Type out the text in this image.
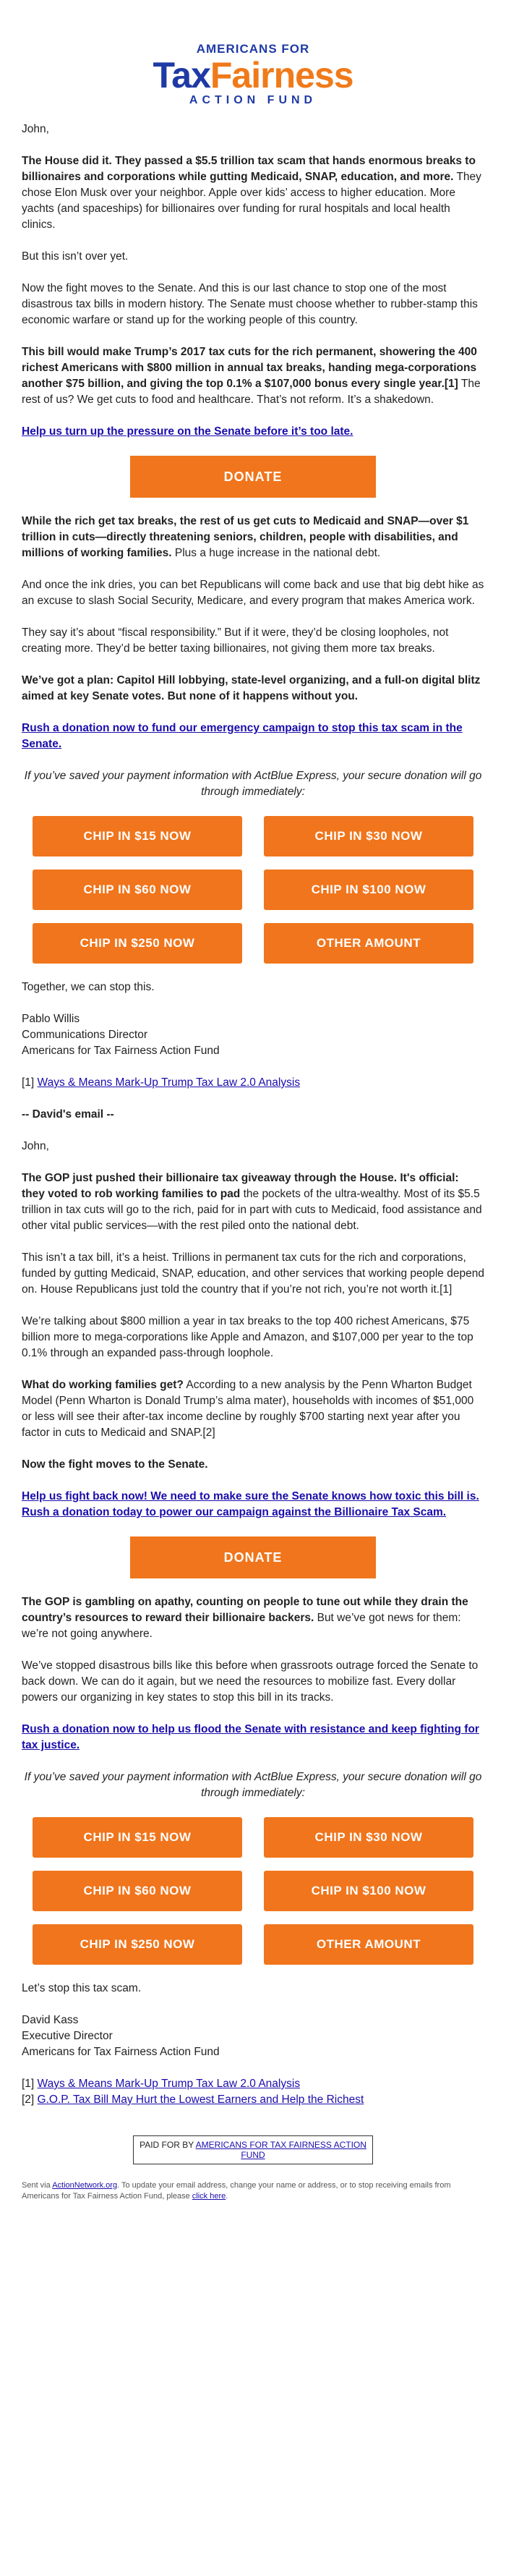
AMERICANS FOR
TaxFairness
ACTION FUND

John,

The House did it. They passed a $5.5 trillion tax scam that hands enormous breaks to billionaires and corporations while gutting Medicaid, SNAP, education, and more. They chose Elon Musk over your neighbor. Apple over kids’ access to higher education. More yachts (and spaceships) for billionaires over funding for rural hospitals and local health clinics.

But this isn’t over yet.

Now the fight moves to the Senate. And this is our last chance to stop one of the most disastrous tax bills in modern history. The Senate must choose whether to rubber-stamp this economic warfare or stand up for the working people of this country.

This bill would make Trump’s 2017 tax cuts for the rich permanent, showering the 400 richest Americans with $800 million in annual tax breaks, handing mega-corporations another $75 billion, and giving the top 0.1% a $107,000 bonus every single year.[1] The rest of us? We get cuts to food and healthcare. That’s not reform. It’s a shakedown.

Help us turn up the pressure on the Senate before it’s too late.

DONATE

While the rich get tax breaks, the rest of us get cuts to Medicaid and SNAP—over $1 trillion in cuts—directly threatening seniors, children, people with disabilities, and millions of working families. Plus a huge increase in the national debt.

And once the ink dries, you can bet Republicans will come back and use that big debt hike as an excuse to slash Social Security, Medicare, and every program that makes America work.

They say it’s about “fiscal responsibility.” But if it were, they’d be closing loopholes, not creating more. They’d be better taxing billionaires, not giving them more tax breaks.

We’ve got a plan: Capitol Hill lobbying, state-level organizing, and a full-on digital blitz aimed at key Senate votes. But none of it happens without you.

Rush a donation now to fund our emergency campaign to stop this tax scam in the Senate.

If you’ve saved your payment information with ActBlue Express, your secure donation will go through immediately:

CHIP IN $15 NOW	CHIP IN $30 NOW
CHIP IN $60 NOW	CHIP IN $100 NOW
CHIP IN $250 NOW	OTHER AMOUNT

Together, we can stop this.

Pablo Willis

Communications Director

Americans for Tax Fairness Action Fund

[1] Ways & Means Mark-Up Trump Tax Law 2.0 Analysis

-- David's email --

John,

The GOP just pushed their billionaire tax giveaway through the House. It's official: they voted to rob working families to pad the pockets of the ultra-wealthy. Most of its $5.5 trillion in tax cuts will go to the rich, paid for in part with cuts to Medicaid, food assistance and other vital public services—with the rest piled onto the national debt.

This isn’t a tax bill, it’s a heist. Trillions in permanent tax cuts for the rich and corporations, funded by gutting Medicaid, SNAP, education, and other services that working people depend on. House Republicans just told the country that if you’re not rich, you’re not worth it.[1]

We’re talking about $800 million a year in tax breaks to the top 400 richest Americans, $75 billion more to mega-corporations like Apple and Amazon, and $107,000 per year to the top 0.1% through an expanded pass-through loophole.

What do working families get? According to a new analysis by the Penn Wharton Budget Model (Penn Wharton is Donald Trump’s alma mater), households with incomes of $51,000 or less will see their after-tax income decline by roughly $700 starting next year after you factor in cuts to Medicaid and SNAP.[2]

Now the fight moves to the Senate.

Help us fight back now! We need to make sure the Senate knows how toxic this bill is. Rush a donation today to power our campaign against the Billionaire Tax Scam.

DONATE

The GOP is gambling on apathy, counting on people to tune out while they drain the country’s resources to reward their billionaire backers. But we’ve got news for them: we’re not going anywhere.

We’ve stopped disastrous bills like this before when grassroots outrage forced the Senate to back down. We can do it again, but we need the resources to mobilize fast. Every dollar powers our organizing in key states to stop this bill in its tracks.

Rush a donation now to help us flood the Senate with resistance and keep fighting for tax justice.

If you’ve saved your payment information with ActBlue Express, your secure donation will go through immediately:

CHIP IN $15 NOW	CHIP IN $30 NOW
CHIP IN $60 NOW	CHIP IN $100 NOW
CHIP IN $250 NOW	OTHER AMOUNT

Let’s stop this tax scam.

David Kass

Executive Director

Americans for Tax Fairness Action Fund

[1] Ways & Means Mark-Up Trump Tax Law 2.0 Analysis

[2] G.O.P. Tax Bill May Hurt the Lowest Earners and Help the Richest

PAID FOR BY AMERICANS FOR TAX FAIRNESS ACTION FUND
Sent via ActionNetwork.org. To update your email address, change your name or address, or to stop receiving emails from Americans for Tax Fairness Action Fund, please click here.
